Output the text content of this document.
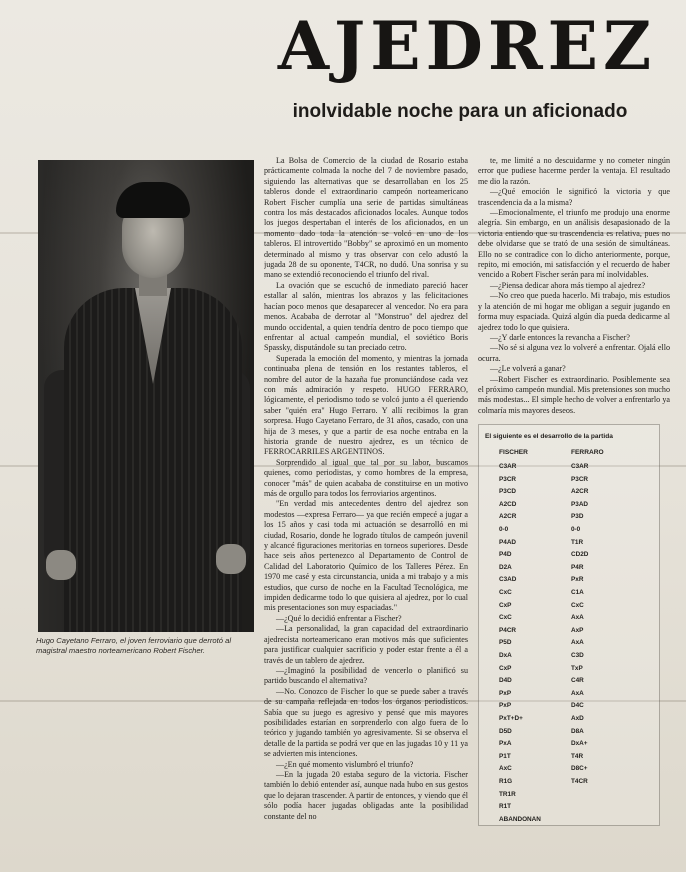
AJEDREZ
inolvidable noche para un aficionado
Hugo Cayetano Ferraro, el joven ferroviario que derrotó al magistral maestro norteamericano Robert Fischer.

La Bolsa de Comercio de la ciudad de Rosario estaba prácticamente colmada la noche del 7 de noviembre pasado, siguiendo las alternativas que se desarrollaban en los 25 tableros donde el extraordinario campeón norteamericano Robert Fischer cumplía una serie de partidas simultáneas contra los más destacados aficionados locales. Aunque todos los juegos despertaban el interés de los aficionados, en un momento dado toda la atención se volcó en uno de los tableros. El introvertido "Bobby" se aproximó en un momento determinado al mismo y tras observar con celo adustó la jugada 28 de su oponente, T4CR, no dudó. Una sonrisa y su mano se extendió reconociendo el triunfo del rival.

La ovación que se escuchó de inmediato pareció hacer estallar al salón, mientras los abrazos y las felicitaciones hacían poco menos que desaparecer al vencedor. No era para menos. Acababa de derrotar al "Monstruo" del ajedrez del mundo occidental, a quien tendría dentro de poco tiempo que enfrentar al actual campeón mundial, el soviético Boris Spassky, disputándole su tan preciado cetro.

Superada la emoción del momento, y mientras la jornada continuaba plena de tensión en los restantes tableros, el nombre del autor de la hazaña fue pronunciándose cada vez con más admiración y respeto. HUGO FERRARO, lógicamente, el periodismo todo se volcó junto a él queriendo saber "quién era" Hugo Ferraro. Y allí recibimos la gran sorpresa. Hugo Cayetano Ferraro, de 31 años, casado, con una hija de 3 meses, y que a partir de esa noche entraba en la historia grande de nuestro ajedrez, es un técnico de FERROCARRILES ARGENTINOS.

Sorprendido al igual que tal por su labor, buscamos quienes, como periodistas, y como hombres de la empresa, conocer "más" de quien acababa de constituirse en un motivo más de orgullo para todos los ferroviarios argentinos.

"En verdad mis antecedentes dentro del ajedrez son modestos —expresa Ferraro— ya que recién empecé a jugar a los 15 años y casi toda mi actuación se desarrolló en mi ciudad, Rosario, donde he logrado títulos de campeón juvenil y alcancé figuraciones meritorias en torneos superiores. Desde hace seis años pertenezco al Departamento de Control de Calidad del Laboratorio Químico de los Talleres Pérez. En 1970 me casé y esta circunstancia, unida a mi trabajo y a mis estudios, que curso de noche en la Facultad Tecnológica, me impiden dedicarme todo lo que quisiera al ajedrez, por lo cual mis presentaciones son muy espaciadas."

—¿Qué lo decidió enfrentar a Fischer?

—La personalidad, la gran capacidad del extraordinario ajedrecista norteamericano eran motivos más que suficientes para justificar cualquier sacrificio y poder estar frente a él a través de un tablero de ajedrez.

—¿Imaginó la posibilidad de vencerlo o planificó su partido buscando el alternativa?

—No. Conozco de Fischer lo que se puede saber a través de su campaña reflejada en todos los órganos periodísticos. Sabía que su juego es agresivo y pensé que mis mayores posibilidades estarían en sorprenderlo con algo fuera de lo teórico y jugando también yo agresivamente. Si se observa el detalle de la partida se podrá ver que en las jugadas 10 y 11 ya se advierten mis intenciones.

—¿En qué momento vislumbró el triunfo?

—En la jugada 20 estaba seguro de la victoria. Fischer también lo debió entender así, aunque nada hubo en sus gestos que lo dejaran trascender. A partir de entonces, y viendo que él sólo podía hacer jugadas obligadas ante la posibilidad constante del no

te, me limité a no descuidarme y no cometer ningún error que pudiese hacerme perder la ventaja. El resultado me dio la razón.

—¿Qué emoción le significó la victoria y que trascendencia da a la misma?

—Emocionalmente, el triunfo me produjo una enorme alegría. Sin embargo, en un análisis desapasionado de la victoria entiendo que su trascendencia es relativa, pues no debe olvidarse que se trató de una sesión de simultáneas. Ello no se contradice con lo dicho anteriormente, porque, repito, mi emoción, mi satisfacción y el recuerdo de haber vencido a Robert Fischer serán para mí inolvidables.

—¿Piensa dedicar ahora más tiempo al ajedrez?

—No creo que pueda hacerlo. Mi trabajo, mis estudios y la atención de mi hogar me obligan a seguir jugando en forma muy espaciada. Quizá algún día pueda dedicarme al ajedrez todo lo que quisiera.

—¿Y darle entonces la revancha a Fischer?

—No sé si alguna vez lo volveré a enfrentar. Ojalá ello ocurra.

—¿Le volverá a ganar?

—Robert Fischer es extraordinario. Posiblemente sea el próximo campeón mundial. Mis pretensiones son mucho más modestas... El simple hecho de volver a enfrentarlo ya colmaría mis mayores deseos.

El siguiente es el desarrollo de la partida
FISCHER	FERRARO
C3AR	C3AR
P3CR	P3CR
P3CD	A2CR
A2CD	P3AD
A2CR	P3D
0-0	0-0
P4AD	T1R
P4D	CD2D
D2A	P4R
C3AD	PxR
CxC	C1A
CxP	CxC
CxC	AxA
P4CR	AxP
P5D	AxA
DxA	C3D
CxP	TxP
D4D	C4R
PxP	AxA
PxP	D4C
PxT+D+	AxD
D5D	D8A
PxA	DxA+
P1T	T4R
AxC	D8C+
R1G	T4CR
TR1R
R1T
ABANDONAN
